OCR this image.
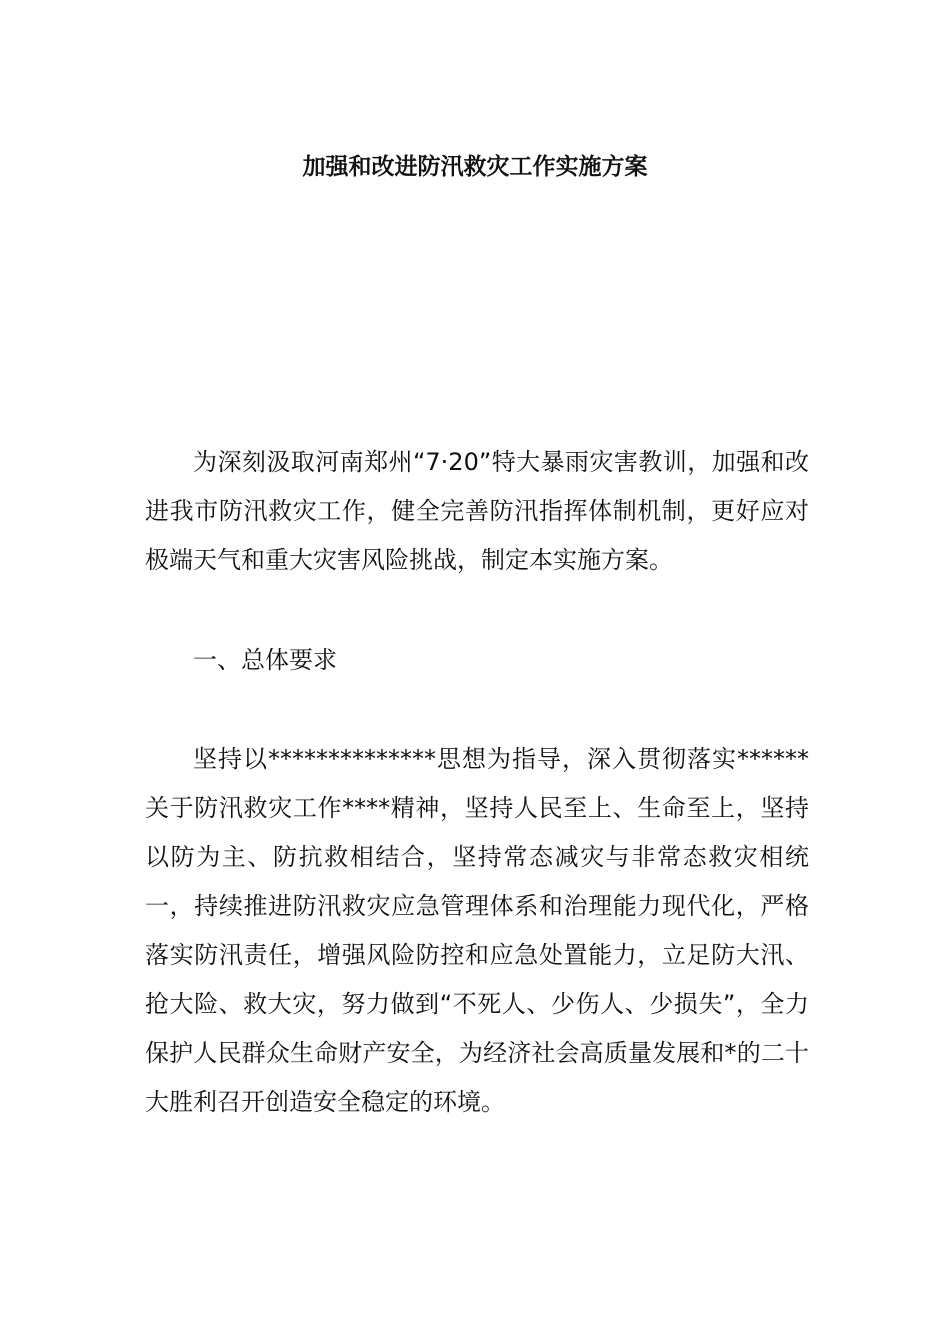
加强和改进防汛救灾工作实施方案

为深刻汲取河南郑州“7·20”特大暴雨灾害教训，加强和改进我市防汛救灾工作，健全完善防汛指挥体制机制，更好应对极端天气和重大灾害风险挑战，制定本实施方案。

一、总体要求

坚持以**************思想为指导，深入贯彻落实******关于防汛救灾工作****精神，坚持人民至上、生命至上，坚持以防为主、防抗救相结合，坚持常态减灾与非常态救灾相统一，持续推进防汛救灾应急管理体系和治理能力现代化，严格落实防汛责任，增强风险防控和应急处置能力，立足防大汛、抢大险、救大灾，努力做到“不死人、少伤人、少损失”，全力保护人民群众生命财产安全，为经济社会高质量发展和*的二十大胜利召开创造安全稳定的环境。
